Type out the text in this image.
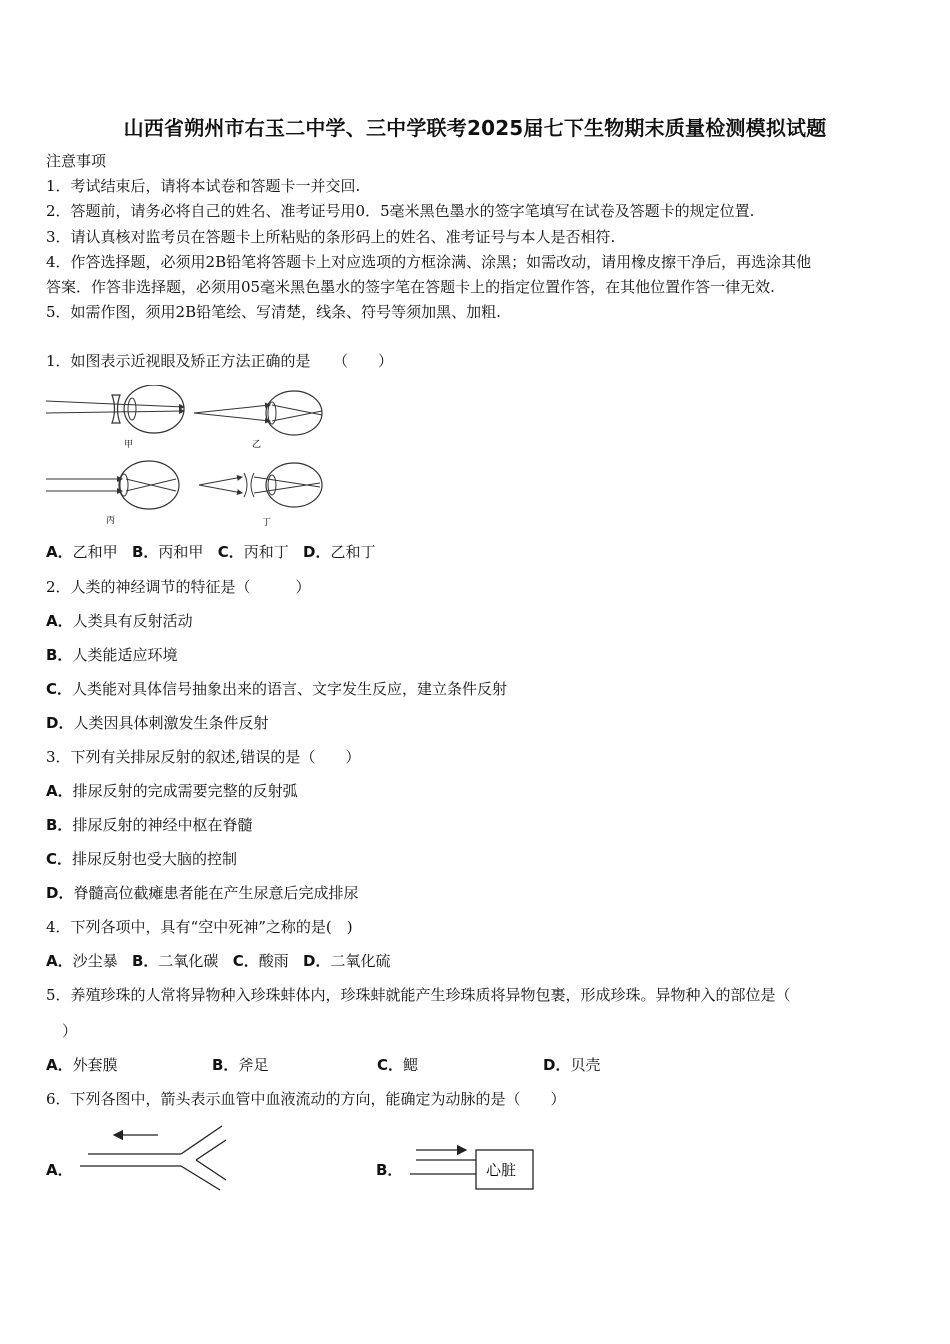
山西省朔州市右玉二中学、三中学联考2025届七下生物期末质量检测模拟试题
注意事项
1．考试结束后，请将本试卷和答题卡一并交回.
2．答题前，请务必将自己的姓名、准考证号用0．5毫米黑色墨水的签字笔填写在试卷及答题卡的规定位置.
3．请认真核对监考员在答题卡上所粘贴的条形码上的姓名、准考证号与本人是否相符.
4．作答选择题，必须用2B铅笔将答题卡上对应选项的方框涂满、涂黑；如需改动，请用橡皮擦干净后，再选涂其他
答案．作答非选择题，必须用05毫米黑色墨水的签字笔在答题卡上的指定位置作答，在其他位置作答一律无效.
5．如需作图，须用2B铅笔绘、写清楚，线条、符号等须加黑、加粗.
1．如图表示近视眼及矫正方法正确的是　　（　　）
甲	乙
丙	丁
A．乙和甲 B．丙和甲 C．丙和丁 D．乙和丁
2．人类的神经调节的特征是（　　　）
A．人类具有反射活动
B．人类能适应环境
C．人类能对具体信号抽象出来的语言、文字发生反应，建立条件反射
D．人类因具体刺激发生条件反射
3．下列有关排尿反射的叙述,错误的是（　　）
A．排尿反射的完成需要完整的反射弧
B．排尿反射的神经中枢在脊髓
C．排尿反射也受大脑的控制
D．脊髓高位截瘫患者能在产生尿意后完成排尿
4．下列各项中，具有“空中死神”之称的是(　)
A．沙尘暴 B．二氧化碳 C．酸雨 D．二氧化硫
5．养殖珍珠的人常将异物种入珍珠蚌体内，珍珠蚌就能产生珍珠质将异物包裹，形成珍珠。异物种入的部位是（
）
A．外套膜	B．斧足	C．鳃	D．贝壳
6．下列各图中，箭头表示血管中血液流动的方向，能确定为动脉的是（　　）
A．	B．	心脏
